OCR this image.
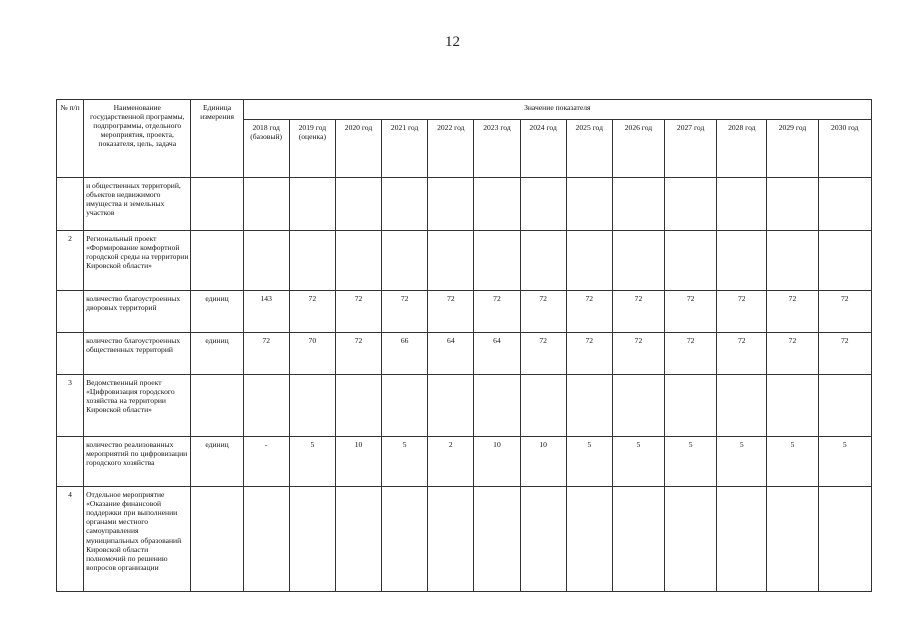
12
№ п/п	Наименование государственной программы, подпрограммы, отдельного мероприятия, проекта, показателя, цель, задача	Единица измерения	Значение показателя												
			2018 год (базовый)	2019 год (оценка)	2020 год	2021 год	2022 год	2023 год	2024 год	2025 год	2026 год	2027 год	2028 год	2029 год	2030 год
	и общественных территорий, объектов недвижимого имущества и земельных участков														
2	Региональный проект «Формирование комфортной городской среды на территории Кировской области»														
	количество благоустроенных дворовых территорий	единиц	143	72	72	72	72	72	72	72	72	72	72	72	72
	количество благоустроенных общественных территорий	единиц	72	70	72	66	64	64	72	72	72	72	72	72	72
3	Ведомственный проект «Цифровизация городского хозяйства на территории Кировской области»														
	количество реализованных мероприятий по цифровизации городского хозяйства	единиц	-	5	10	5	2	10	10	5	5	5	5	5	5
4	Отдельное мероприятие «Оказание финансовой поддержки при выполнении органами местного самоуправления муниципальных образований Кировской области полномочий по решению вопросов организации														
